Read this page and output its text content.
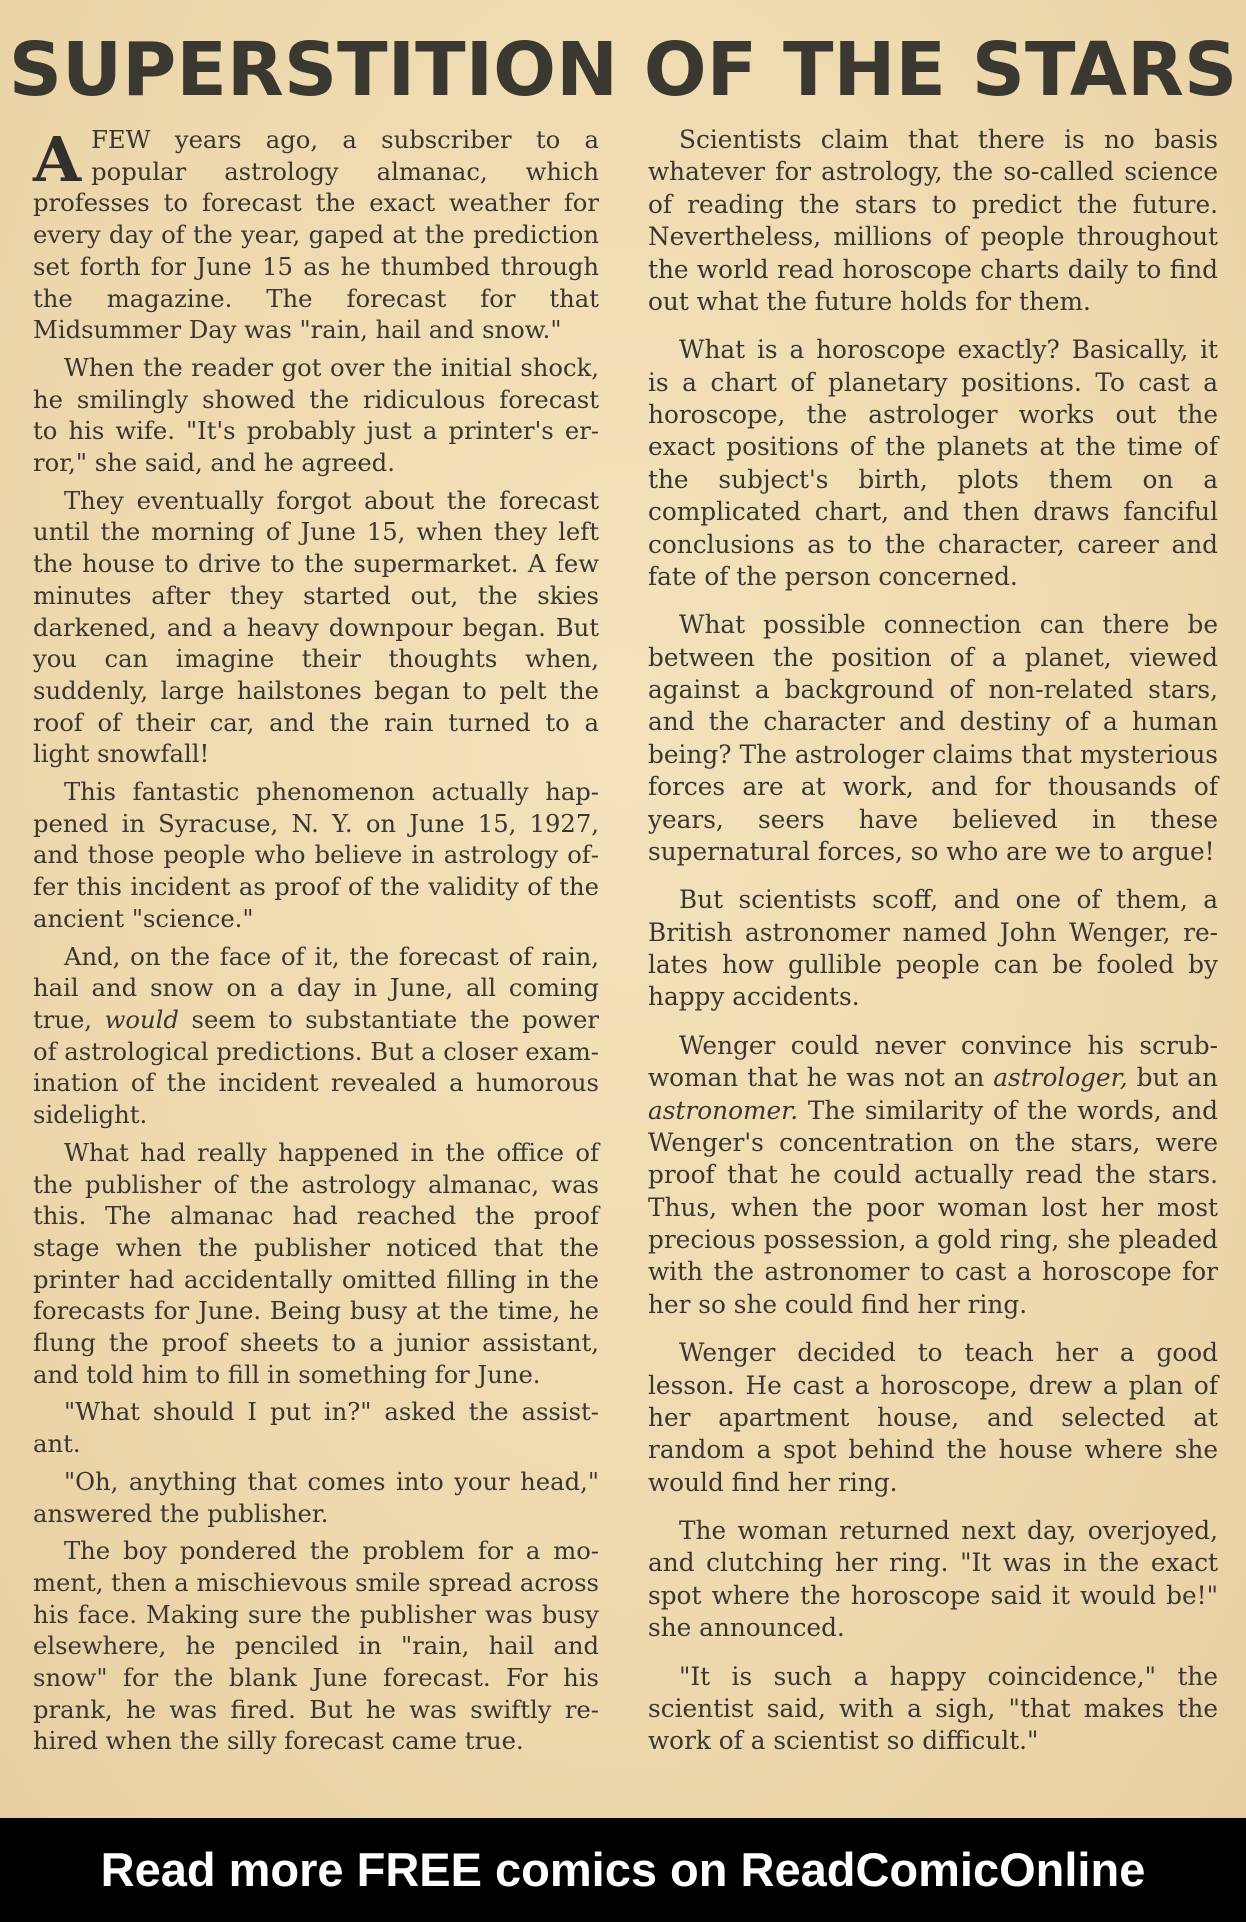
SUPERSTITION OF THE STARS

AFEW years ago, a subscriber to a popular astrology almanac, which professes to forecast the exact weather for every day of the year, gaped at the prediction set forth for June 15 as he thumbed through the magazine. The forecast for that Midsummer Day was "rain, hail and snow."

When the reader got over the initial shock, he smilingly showed the ridiculous forecast to his wife. "It's probably just a printer's error," she said, and he agreed.

They eventually forgot about the forecast until the morning of June 15, when they left the house to drive to the supermarket. A few minutes after they started out, the skies darkened, and a heavy downpour began. But you can imagine their thoughts when, suddenly, large hailstones began to pelt the roof of their car, and the rain turned to a light snowfall!

This fantastic phenomenon actually happened in Syracuse, N. Y. on June 15, 1927, and those people who believe in astrology offer this incident as proof of the validity of the ancient "science."

And, on the face of it, the forecast of rain, hail and snow on a day in June, all coming true, would seem to substantiate the power of astrological predictions. But a closer examination of the incident revealed a humorous sidelight.

What had really happened in the office of the publisher of the astrology almanac, was this. The almanac had reached the proof stage when the publisher noticed that the printer had accidentally omitted filling in the forecasts for June. Being busy at the time, he flung the proof sheets to a junior assistant, and told him to fill in something for June.

"What should I put in?" asked the assistant.

"Oh, anything that comes into your head," answered the publisher.

The boy pondered the problem for a moment, then a mischievous smile spread across his face. Making sure the publisher was busy elsewhere, he penciled in "rain, hail and snow" for the blank June forecast. For his prank, he was fired. But he was swiftly rehired when the silly forecast came true.

Scientists claim that there is no basis whatever for astrology, the so-called science of reading the stars to predict the future. Nevertheless, millions of people throughout the world read horoscope charts daily to find out what the future holds for them.

What is a horoscope exactly? Basically, it is a chart of planetary positions. To cast a horoscope, the astrologer works out the exact positions of the planets at the time of the subject's birth, plots them on a complicated chart, and then draws fanciful conclusions as to the character, career and fate of the person concerned.

What possible connection can there be between the position of a planet, viewed against a background of non-related stars, and the character and destiny of a human being? The astrologer claims that mysterious forces are at work, and for thousands of years, seers have believed in these supernatural forces, so who are we to argue!

But scientists scoff, and one of them, a British astronomer named John Wenger, relates how gullible people can be fooled by happy accidents.

Wenger could never convince his scrubwoman that he was not an astrologer, but an astronomer. The similarity of the words, and Wenger's concentration on the stars, were proof that he could actually read the stars. Thus, when the poor woman lost her most precious possession, a gold ring, she pleaded with the astronomer to cast a horoscope for her so she could find her ring.

Wenger decided to teach her a good lesson. He cast a horoscope, drew a plan of her apartment house, and selected at random a spot behind the house where she would find her ring.

The woman returned next day, overjoyed, and clutching her ring. "It was in the exact spot where the horoscope said it would be!" she announced.

"It is such a happy coincidence," the scientist said, with a sigh, "that makes the work of a scientist so difficult."

Read more FREE comics on ReadComicOnline
